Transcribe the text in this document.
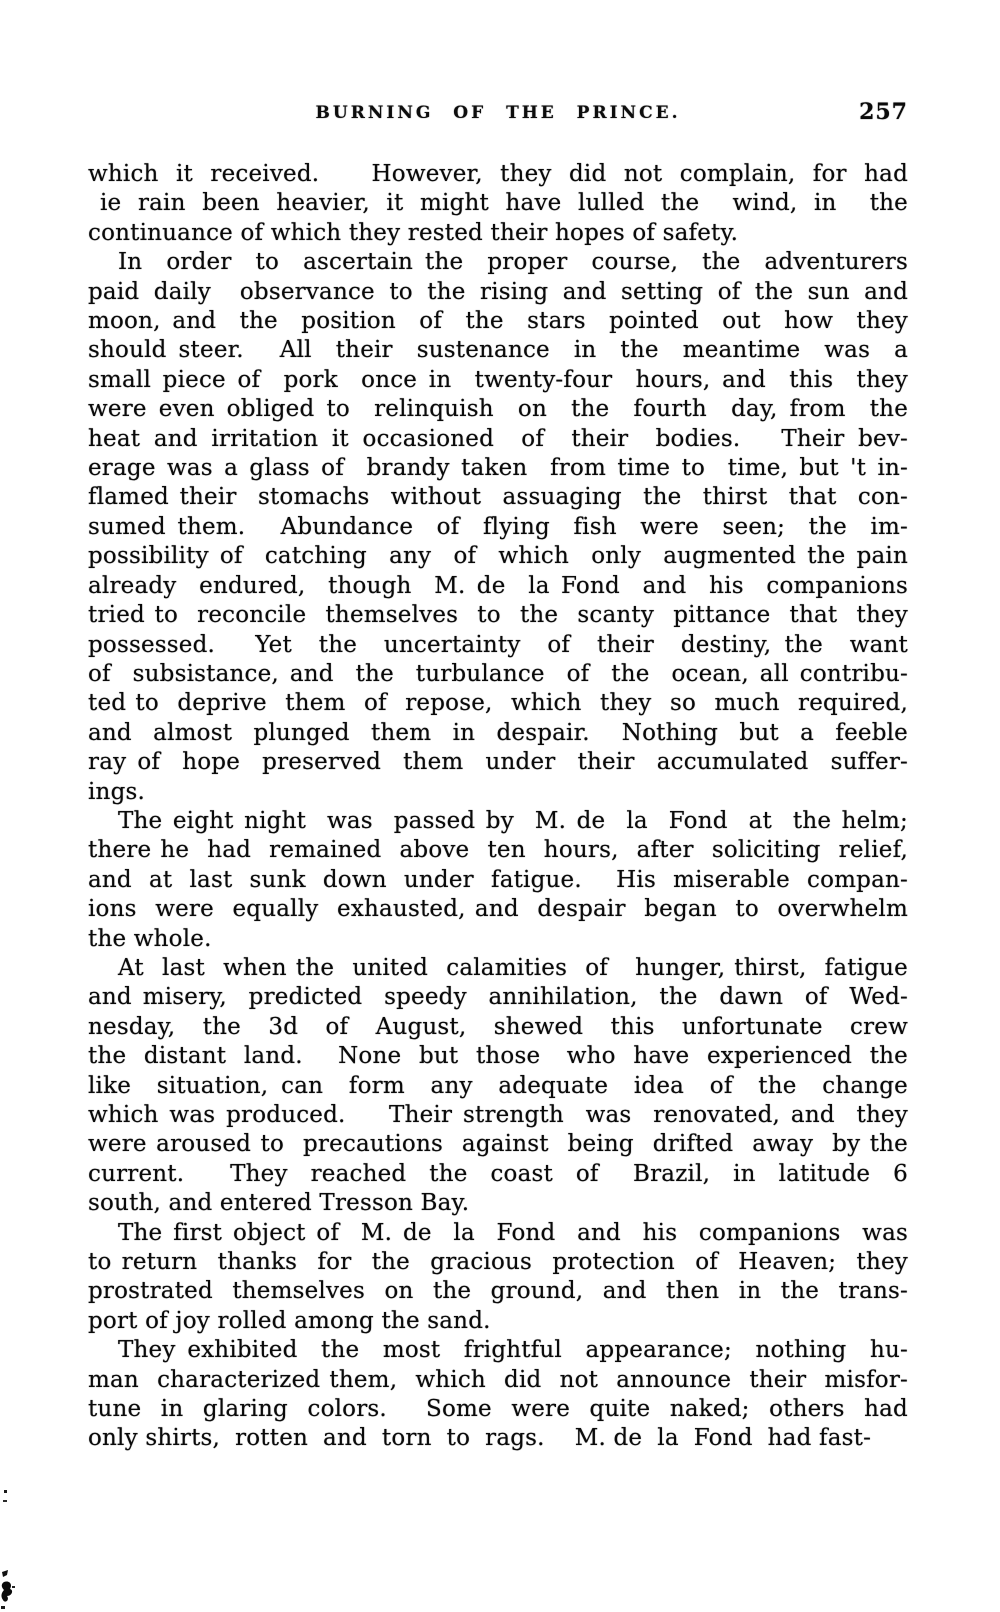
BURNING OF THE PRINCE.	257
which it received.   However, they did not complain, for had
ie rain been heavier, it might have lulled the  wind, in  the
continuance of which they rested their hopes of safety.
In  order  to  ascertain the  proper  course,  the  adventurers
paid daily  observance to the rising and setting of the sun and
moon, and  the  position  of  the  stars  pointed  out  how  they
should steer.   All  their  sustenance  in  the  meantime  was  a
small piece of  pork  once in  twenty-four  hours, and  this  they
were even obliged to  relinquish  on  the  fourth  day, from  the
heat and irritation it occasioned  of  their  bodies.   Their bev-
erage was a glass of  brandy taken  from time to  time, but 't in-
flamed their  stomachs  without  assuaging  the  thirst  that  con-
sumed them.   Abundance  of  flying  fish  were  seen;  the  im-
possibility of  catching  any  of  which  only  augmented the pain
already  endured,  though  M. de  la Fond  and  his  companions
tried to  reconcile  themselves  to  the  scanty  pittance  that  they
possessed.   Yet  the  uncertainty  of  their  destiny, the  want
of  subsistance, and  the  turbulance  of  the  ocean, all contribu-
ted to  deprive  them  of  repose,  which  they  so  much  required,
and  almost  plunged  them  in  despair.   Nothing  but  a  feeble
ray of  hope  preserved  them  under  their  accumulated  suffer-
ings.
The eight night  was  passed by  M. de  la  Fond  at  the helm;
there he  had  remained  above  ten  hours,  after  soliciting  relief,
and  at  last  sunk  down  under  fatigue.    His  miserable  compan-
ions  were  equally  exhausted, and  despair  began  to  overwhelm
the whole.
At  last  when the  united  calamities  of   hunger, thirst,  fatigue
and misery,  predicted  speedy  annihilation,  the  dawn  of  Wed-
nesday,  the  3d  of  August,  shewed  this  unfortunate  crew
the  distant  land.    None  but  those   who  have  experienced  the
like  situation, can  form  any  adequate  idea  of  the  change
which was produced.    Their strength  was  renovated, and  they
were aroused to  precautions  against  being  drifted  away  by the
current.    They  reached  the  coast  of   Brazil,  in  latitude  6
south, and entered Tresson Bay.
The first object of  M. de  la  Fond  and  his  companions  was
to return  thanks  for  the  gracious  protection  of  Heaven;  they
prostrated  themselves  on  the  ground,  and  then  in  the  trans-
port of joy rolled among the sand.
They exhibited  the  most  frightful  appearance;  nothing  hu-
man  characterized them,  which  did  not  announce  their  misfor-
tune  in  glaring  colors.    Some  were  quite  naked;  others  had
only shirts,  rotten  and  torn  to  rags.    M. de  la  Fond  had fast-
